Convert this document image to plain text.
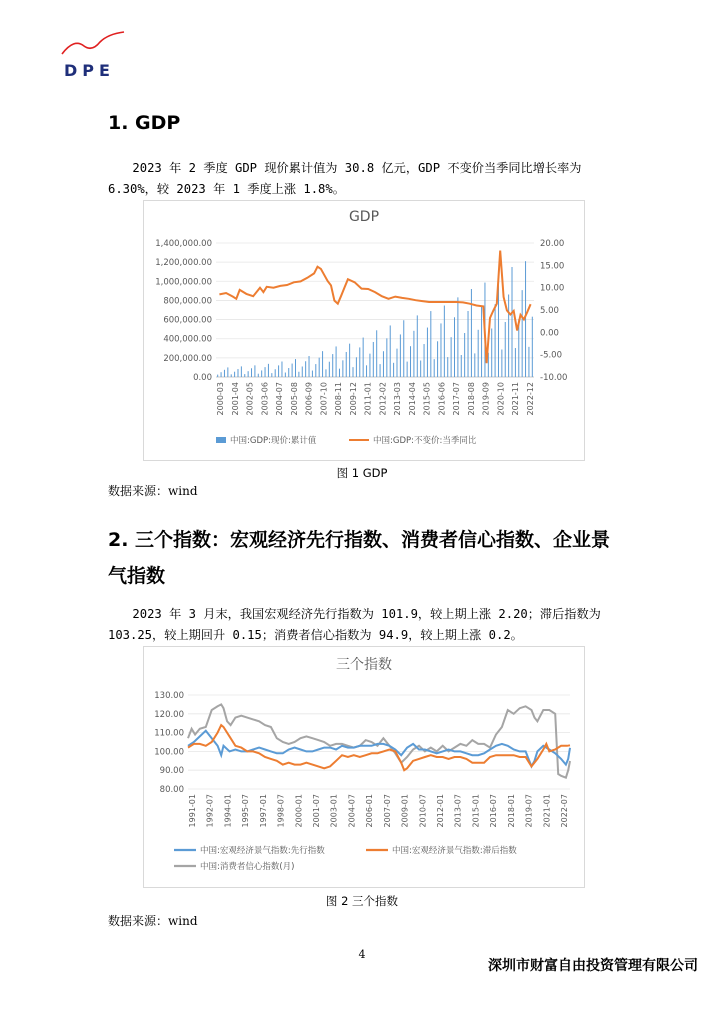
DPE
1. GDP
2023 年 2 季度 GDP 现价累计值为 30.8 亿元，GDP 不变价当季同比增长率为 6.30%，较 2023 年 1 季度上涨 1.8%。
GDP
0.00
200,000.00
400,000.00
600,000.00
800,000.00
1,000,000.00
1,200,000.00
1,400,000.00
-10.00
-5.00
0.00
5.00
10.00
15.00
20.00
2000-03 2001-04 2002-05 2003-06 2004-07 2005-08 2006-09 2007-10 2008-11 2009-12 2011-01 2012-02 2013-03 2014-04 2015-05 2016-06 2017-07 2018-08 2019-09 2020-10 2021-11 2022-12
中国:GDP:现价:累计值	中国:GDP:不变价:当季同比
图 1 GDP
数据来源：wind
2. 三个指数：宏观经济先行指数、消费者信心指数、企业景气指数
2023 年 3 月末，我国宏观经济先行指数为 101.9，较上期上涨 2.20；滞后指数为 103.25，较上期回升 0.15；消费者信心指数为 94.9，较上期上涨 0.2。
三个指数
80.00
90.00
100.00
110.00
120.00
130.00
1991-01 1992-07 1994-01 1995-07 1997-01 1998-07 2000-01 2001-07 2003-01 2004-07 2006-01 2007-07 2009-01 2010-07 2012-01 2013-07 2015-01 2016-07 2018-01 2019-07 2021-01 2022-07
中国:宏观经济景气指数:先行指数	中国:宏观经济景气指数:滞后指数
中国:消费者信心指数(月)
图 2 三个指数
数据来源：wind
4
深圳市财富自由投资管理有限公司
